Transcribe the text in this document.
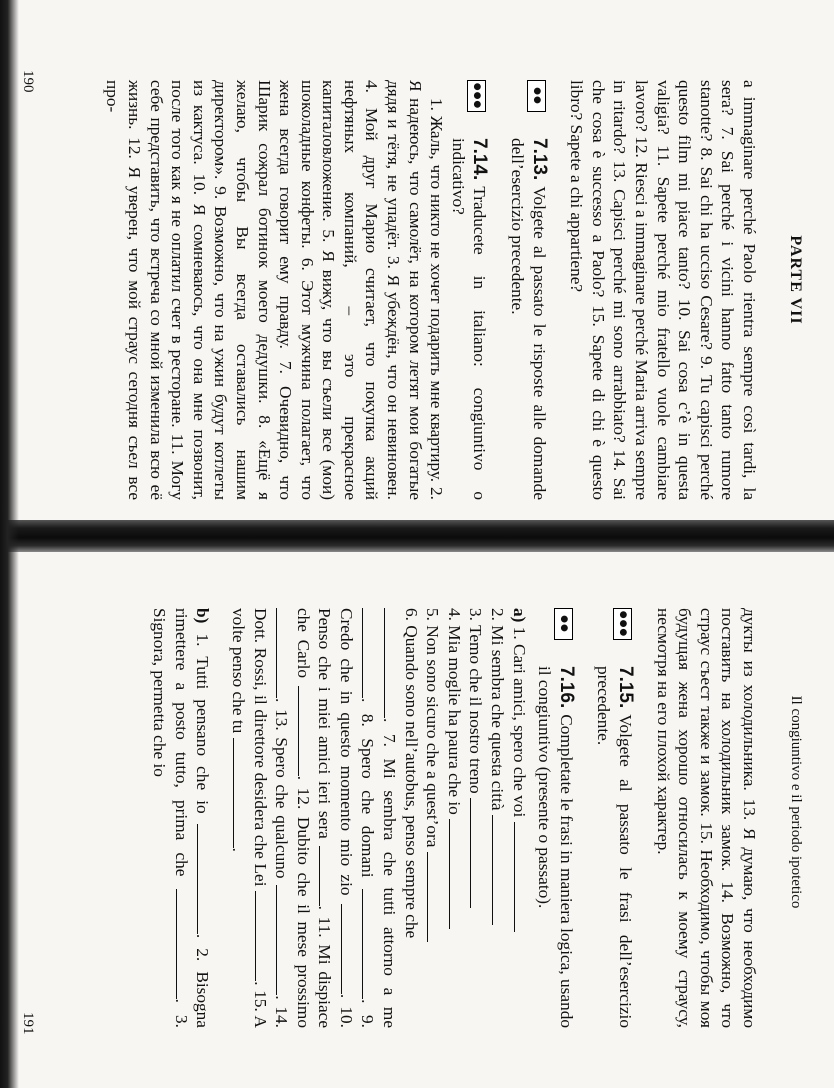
PARTE VII

a immaginare perché Paolo rientra sempre così tardi, la sera? 7. Sai perché i vicini hanno fatto tanto rumore stanotte? 8. Sai chi ha ucciso Cesare? 9. Tu capisci perché questo film mi piace tanto? 10. Sai cosa c’è in questa valigia? 11. Sapete perché mio fratello vuole cambiare lavoro? 12. Riesci a immaginare perché Maria arriva sempre in ritardo? 13. Capisci perché mi sono arrabbiato? 14. Sai che cosa è successo a Paolo? 15. Sapete di chi è questo libro? Sapete a chi appartiene?

●●
7.13.Volgete al passato le risposte alle domande dell’esercizio precedente.
●●●
7.14.Traducete in italiano: congiuntivo o indicativo?

1. Жаль, что никто не хочет подарить мне квартиру. 2. Я надеюсь, что самолёт, на котором летят мои богатые дядя и тётя, не упадёт. 3. Я убеждён, что он невиновен. 4. Мой друг Марио считает, что покупка акций нефтяных компаний, – это прекрасное капиталовложение. 5. Я вижу, что вы съели все (мои) шоколадные конфеты. 6. Этот мужчина полагает, что жена всегда говорит ему правду. 7. Очевидно, что Шарик сожрал ботинок моего дедушки. 8. «Ещё я желаю, чтобы Вы всегда оставались нашим директором». 9. Возможно, что на ужин будут котлеты из кактуса. 10. Я сомневаюсь, что она мне позвонит, после того как я не оплатил счет в ресторане. 11. Могу себе представить, что встреча со мной изменила всю её жизнь. 12. Я уверен, что мой страус сегодня съел все про-

190
Il congiuntivo e il periodo ipotetico

дукты из холодильника. 13. Я думаю, что необходимо поставить на холодильник замок. 14. Возможно, что страус съест также и замок. 15. Необходимо, чтобы моя будущая жена хорошо относилась к моему страусу, несмотря на его плохой характер.

●●●
7.15.Volgete al passato le frasi dell’esercizio precedente.
●●
7.16.Completate le frasi in maniera logica, usando il congiuntivo (presente o passato).
a) 1. Cari amici, spero che voi
2. Mi sembra che questa città
3. Temo che il nostro treno
4. Mia moglie ha paura che io
5. Non sono sicuro che a quest’ora
6. Quando sono nell’autobus, penso sempre che

. 7. Mi sembra che tutti attorno a me . 8. Spero che domani . 9. Credo che in questo momento mio zio . 10. Penso che i miei amici ieri sera . 11. Mi dispiace che Carlo . 12. Dubito che il mese prossimo . 13. Spero che qualcuno . 14. Dott. Rossi, il direttore desidera che Lei . 15. A volte penso che tu .

b) 1. Tutti pensano che io . 2. Bisogna rimettere a posto tutto, prima che . 3. Signora, permetta che io

191
